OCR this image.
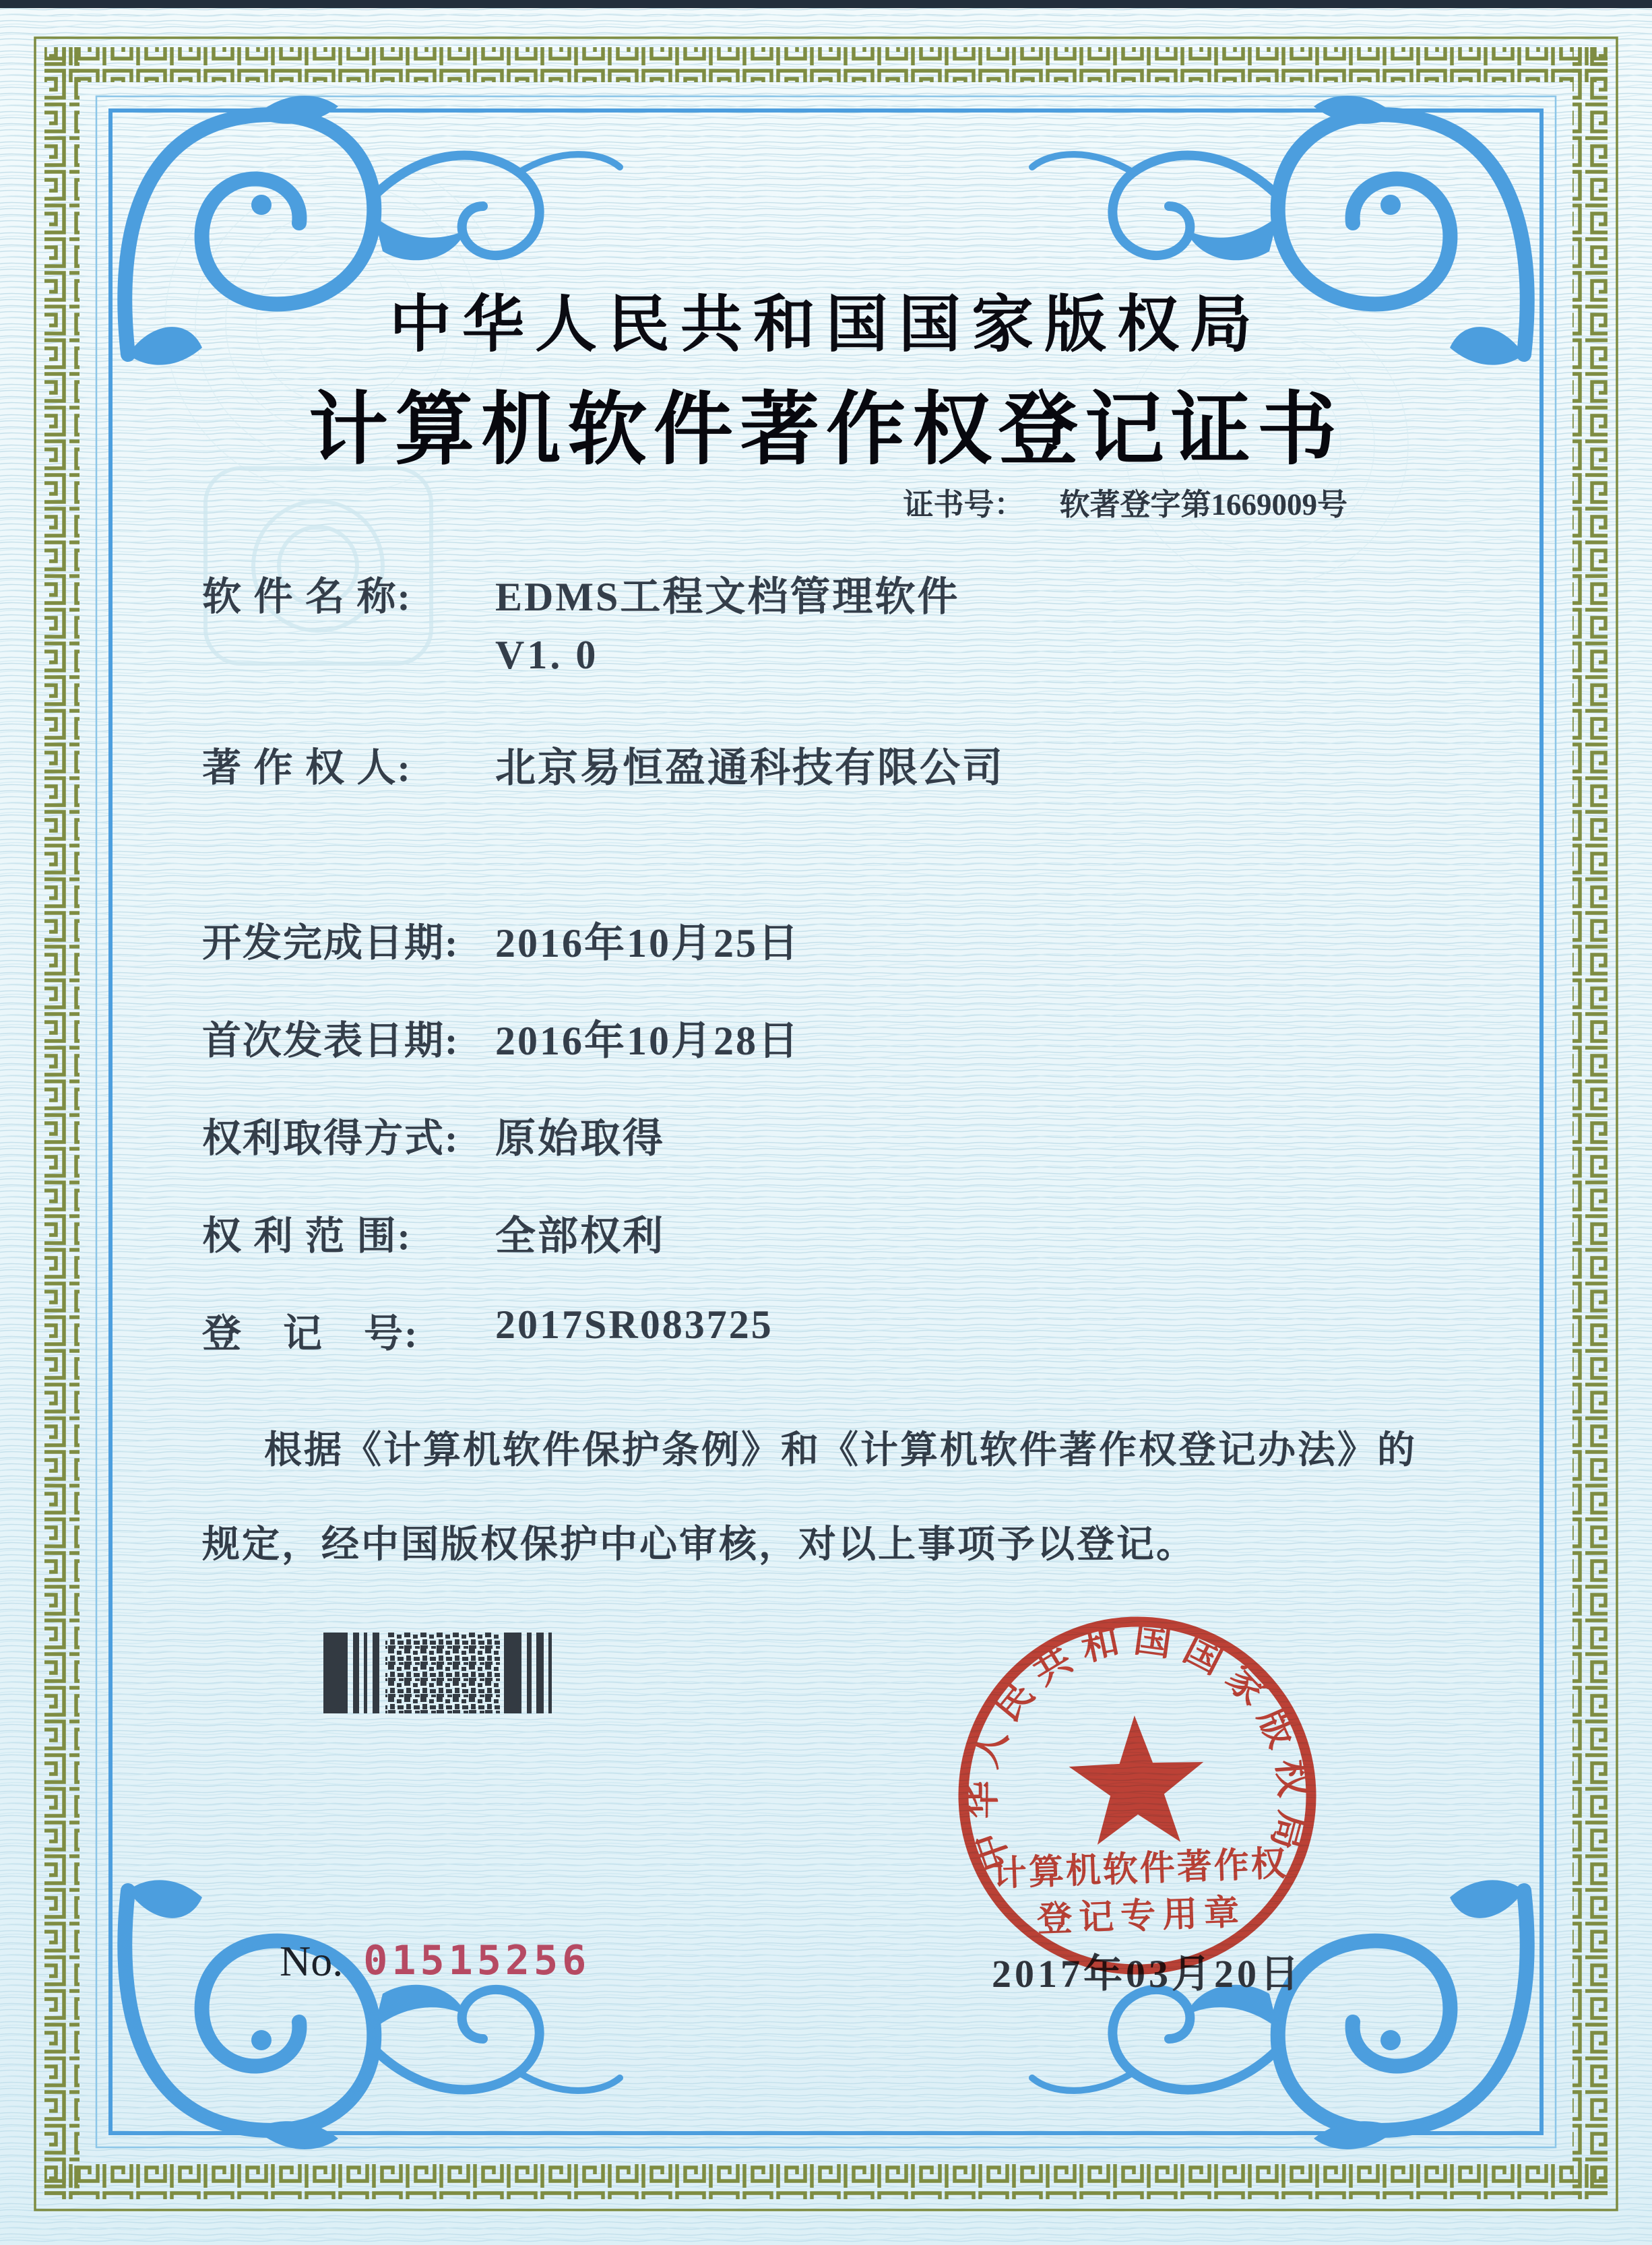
中华人民共和国国家版权局
计算机软件著作权登记证书
证书号： 软著登字第1669009号
软 件 名 称: EDMS工程文档管理软件
V1. 0
著 作 权 人: 北京易恒盈通科技有限公司
开发完成日期: 2016年10月25日
首次发表日期: 2016年10月28日
权利取得方式: 原始取得
权 利 范 围: 全部权利
登　记　号: 2017SR083725
根据《计算机软件保护条例》和《计算机软件著作权登记办法》的
规定，经中国版权保护中心审核，对以上事项予以登记。
No. 01515256	2017年03月20日
中华人民共和国国家版权局
计算机软件著作权
登记专用章
